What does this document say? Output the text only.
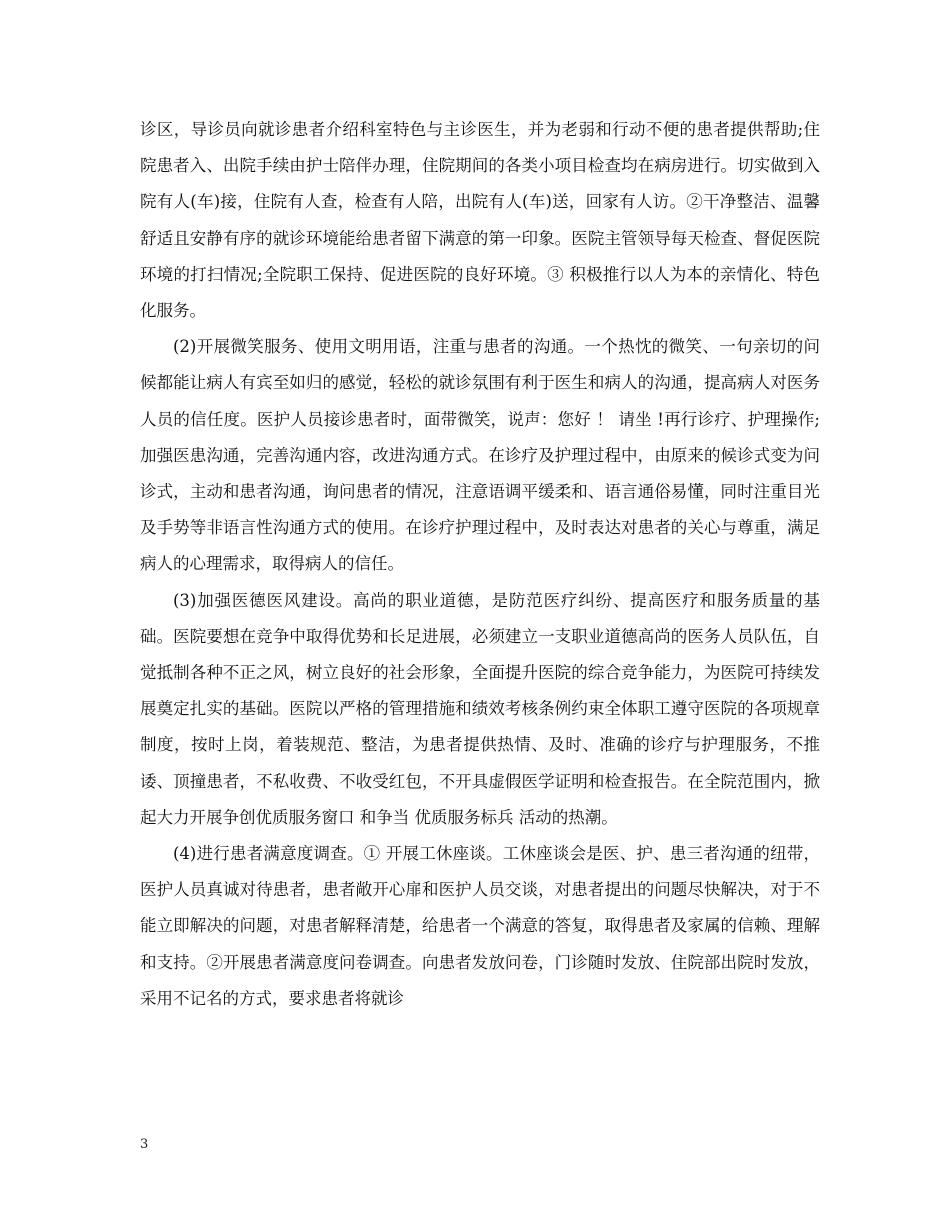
诊区，导诊员向就诊患者介绍科室特色与主诊医生，并为老弱和行动不便的患者提供帮助;住院患者入、出院手续由护士陪伴办理，住院期间的各类小项目检查均在病房进行。切实做到入院有人(车)接，住院有人查，检查有人陪，出院有人(车)送，回家有人访。②干净整洁、温馨舒适且安静有序的就诊环境能给患者留下满意的第一印象。医院主管领导每天检查、督促医院环境的打扫情况;全院职工保持、促进医院的良好环境。③ 积极推行以人为本的亲情化、特色化服务。

(2)开展微笑服务、使用文明用语，注重与患者的沟通。一个热忱的微笑、一句亲切的问候都能让病人有宾至如归的感觉，轻松的就诊氛围有利于医生和病人的沟通，提高病人对医务人员的信任度。医护人员接诊患者时，面带微笑，说声：您好 ！ 请坐 !再行诊疗、护理操作;加强医患沟通，完善沟通内容，改进沟通方式。在诊疗及护理过程中，由原来的候诊式变为问诊式，主动和患者沟通，询问患者的情况，注意语调平缓柔和、语言通俗易懂，同时注重目光及手势等非语言性沟通方式的使用。在诊疗护理过程中，及时表达对患者的关心与尊重，满足病人的心理需求，取得病人的信任。

(3)加强医德医风建设。高尚的职业道德，是防范医疗纠纷、提高医疗和服务质量的基础。医院要想在竞争中取得优势和长足进展，必须建立一支职业道德高尚的医务人员队伍，自觉抵制各种不正之风，树立良好的社会形象，全面提升医院的综合竞争能力，为医院可持续发展奠定扎实的基础。医院以严格的管理措施和绩效考核条例约束全体职工遵守医院的各项规章制度，按时上岗，着装规范、整洁，为患者提供热情、及时、准确的诊疗与护理服务，不推诿、顶撞患者，不私收费、不收受红包，不开具虚假医学证明和检查报告。在全院范围内，掀起大力开展争创优质服务窗口 和争当 优质服务标兵 活动的热潮。

(4)进行患者满意度调查。① 开展工休座谈。工休座谈会是医、护、患三者沟通的纽带，医护人员真诚对待患者，患者敞开心扉和医护人员交谈，对患者提出的问题尽快解决，对于不能立即解决的问题，对患者解释清楚，给患者一个满意的答复，取得患者及家属的信赖、理解和支持。②开展患者满意度问卷调查。向患者发放问卷，门诊随时发放、住院部出院时发放，采用不记名的方式，要求患者将就诊

3
